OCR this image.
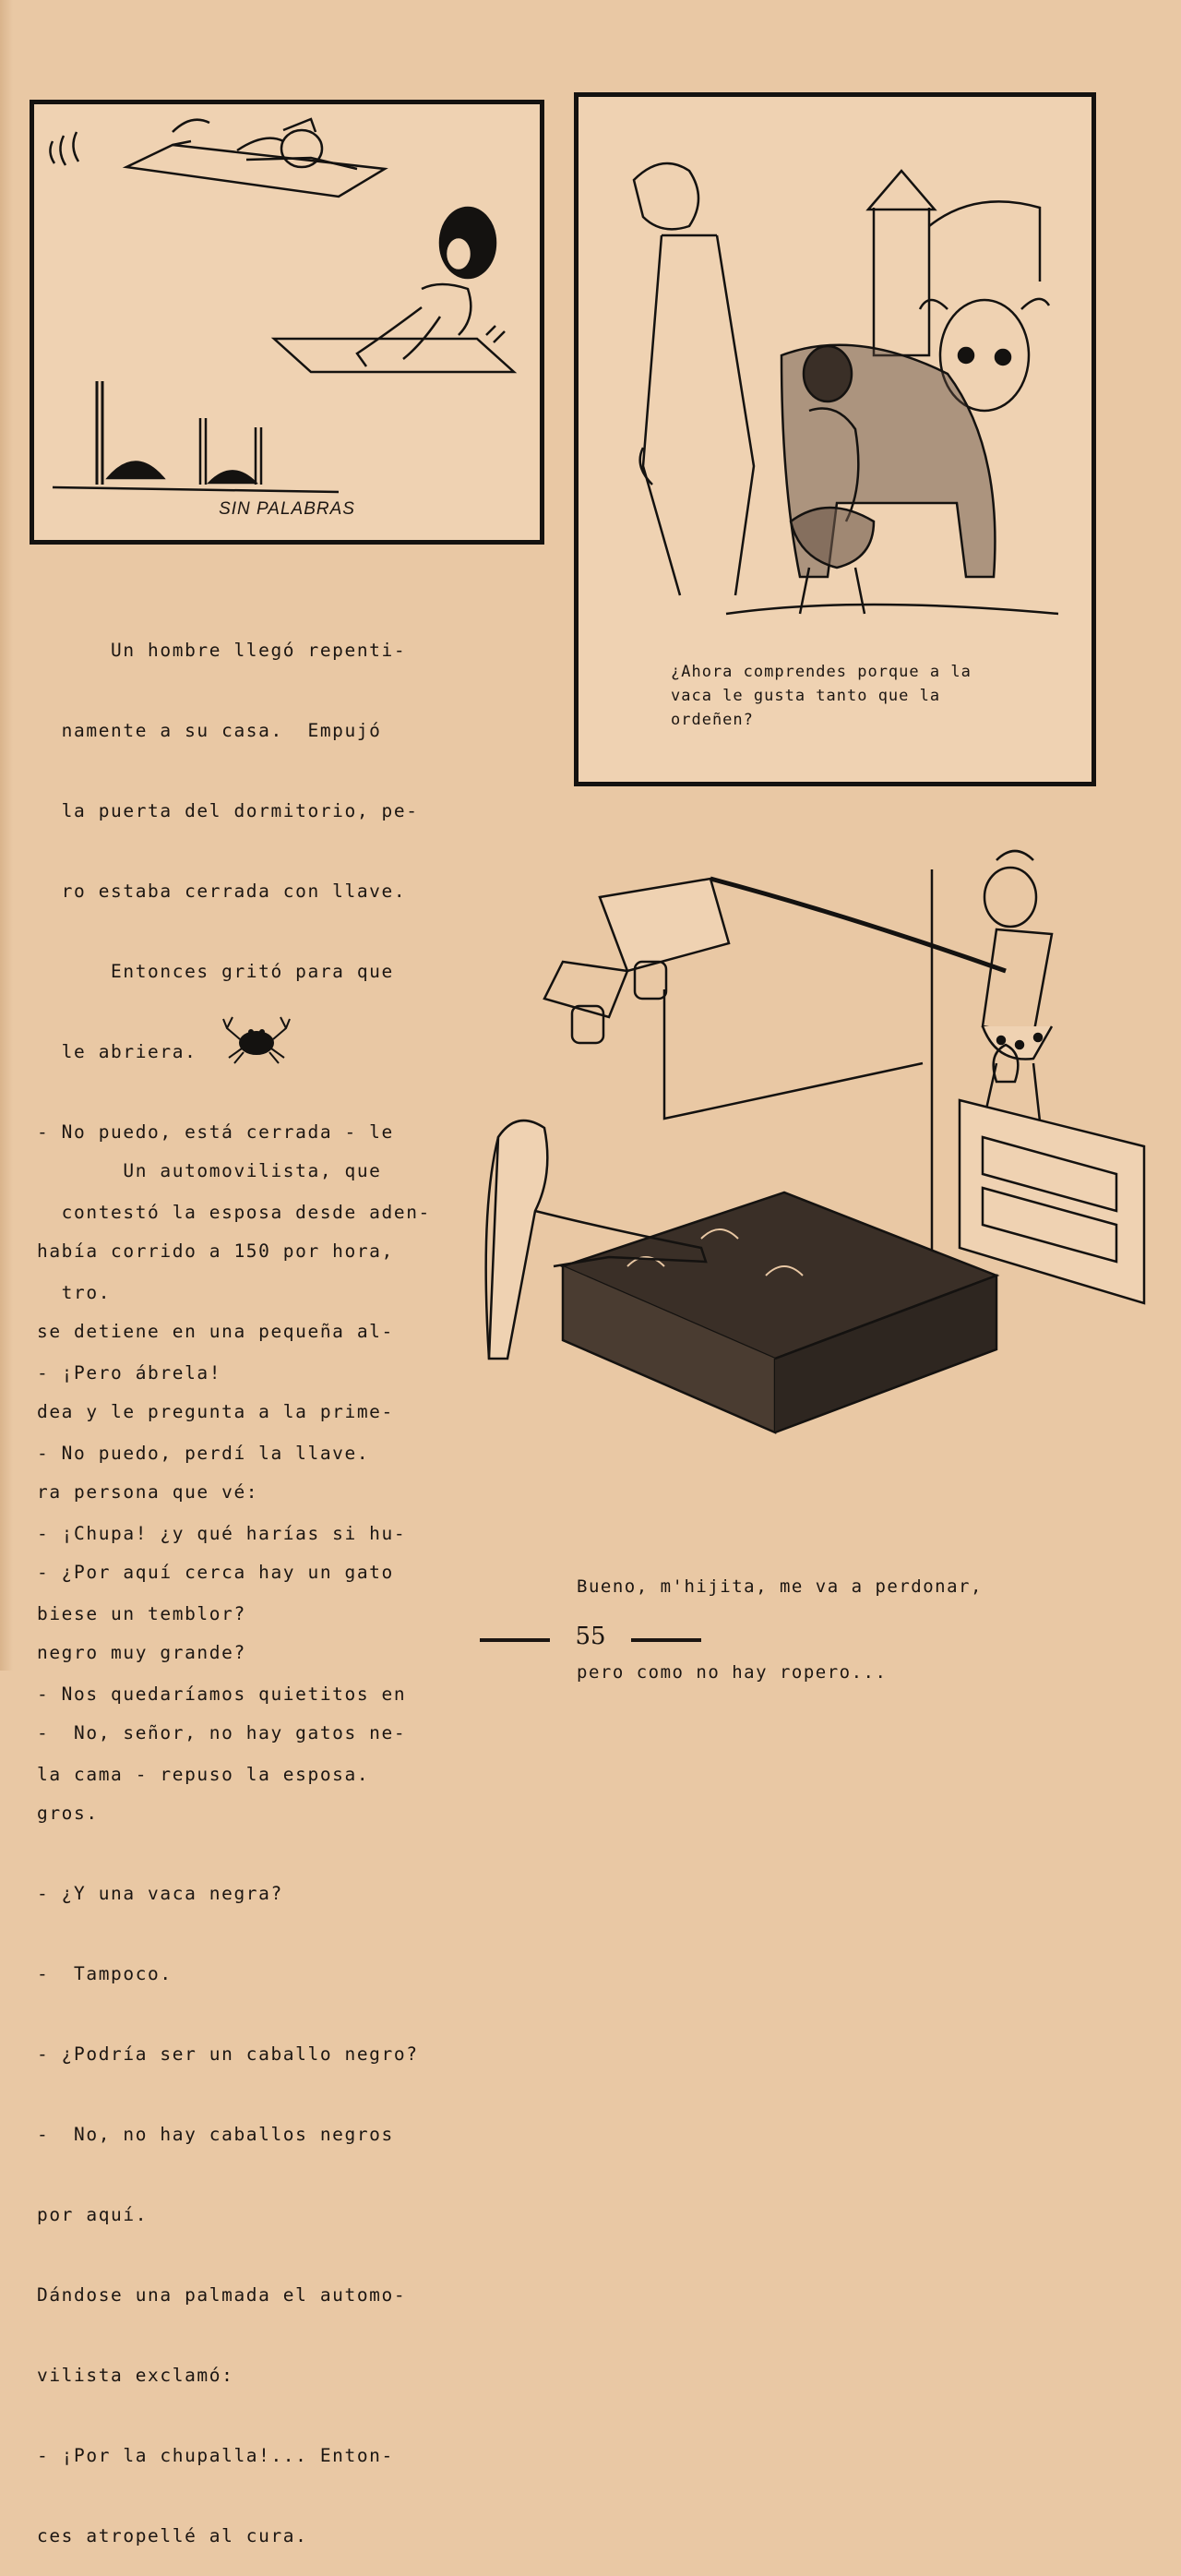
SIN PALABRAS
¿Ahora comprendes porque a la
vaca le gusta tanto que la
ordeñen?

Un hombre llegó repenti-

namente a su casa.  Empujó

la puerta del dormitorio, pe-

ro estaba cerrada con llave.

Entonces gritó para que

le abriera.

- No puedo, está cerrada - le

contestó la esposa desde aden-

tro.

- ¡Pero ábrela!

- No puedo, perdí la llave.

- ¡Chupa! ¿y qué harías si hu-

biese un temblor?

- Nos quedaríamos quietitos en

la cama - repuso la esposa.

Un automovilista, que

había corrido a 150 por hora,

se detiene en una pequeña al-

dea y le pregunta a la prime-

ra persona que vé:

- ¿Por aquí cerca hay un gato

negro muy grande?

-  No, señor, no hay gatos ne-

gros.

- ¿Y una vaca negra?

-  Tampoco.

- ¿Podría ser un caballo negro?

-  No, no hay caballos negros

por aquí.

Dándose una palmada el automo-

vilista exclamó:

- ¡Por la chupalla!... Enton-

ces atropellé al cura.

Bueno, m'hijita, me va a perdonar,

pero como no hay ropero...

55
